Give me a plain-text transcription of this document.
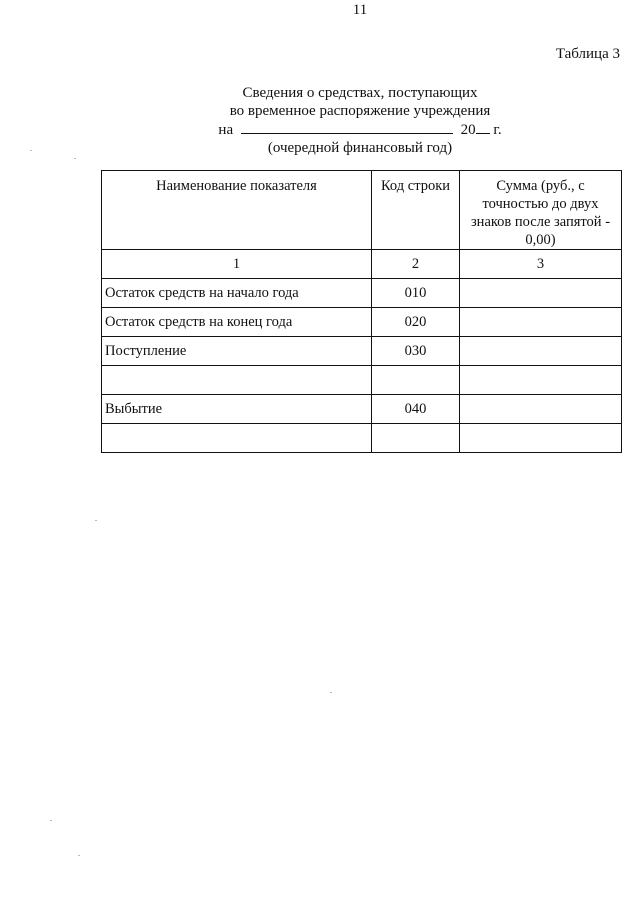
11
Таблица 3
Сведения о средствах, поступающих
во временное распоряжение учреждения
на	20 г.
(очередной финансовый год)
Наименование показателя	Код строки	Сумма (руб., с точностью до двух знаков после запятой - 0,00)
1	2	3
Остаток средств на начало года	010	
Остаток средств на конец года	020	
Поступление	030	

Выбытие	040	
